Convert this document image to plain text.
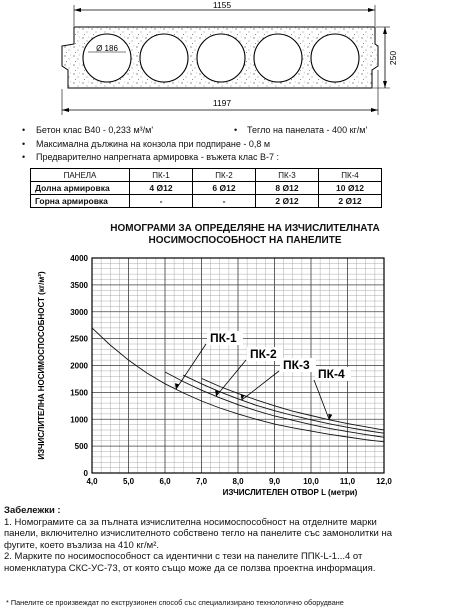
1155
Ø 186
250
1197
• Бетон клас В40 - 0,233 м³/м'	• Тегло на панелата - 400 кг/м'
• Максимална дължина на конзола при подпиране - 0,8 м
• Предварително напрегната армировка - въжета клас В-7 :
ПАНЕЛА	ПК-1	ПК-2	ПК-3	ПК-4
Долна армировка	4 Ø12	6 Ø12	8 Ø12	10 Ø12
Горна армировка	-	-	2 Ø12	2 Ø12
НОМОГРАМИ ЗА ОПРЕДЕЛЯНЕ НА ИЗЧИСЛИТЕЛНАТА
НОСИМОСПОСОБНОСТ НА ПАНЕЛИТЕ
4,0	5,0	6,0	7,0	8,0	9,0	10,0	11,0	12,0
0
500
1000
1500
2000
2500
3000
3500
4000
ИЗЧИСЛИТЕЛНА НОСИМОСПОСОБНОСТ (кг/м²)
ИЗЧИСЛИТЕЛЕН ОТВОР L (метри)
ПК-1
ПК-2
ПК-3
ПК-4
Забележки :
1. Номограмите са за пълната изчислителна носимоспособност на отделните марки
панели, включително изчислителното собствено тегло на панелите със замонолитки на
фугите, което възлиза на 410 кг/м².
2. Марките по носимоспособност са идентични с тези на панелите ППК-L-1...4 от
номенклатура СКС-УС-73, от която също може да се ползва проектна информация.
* Панелите се произвеждат по екструзионен способ със специализирано технологично оборудване
